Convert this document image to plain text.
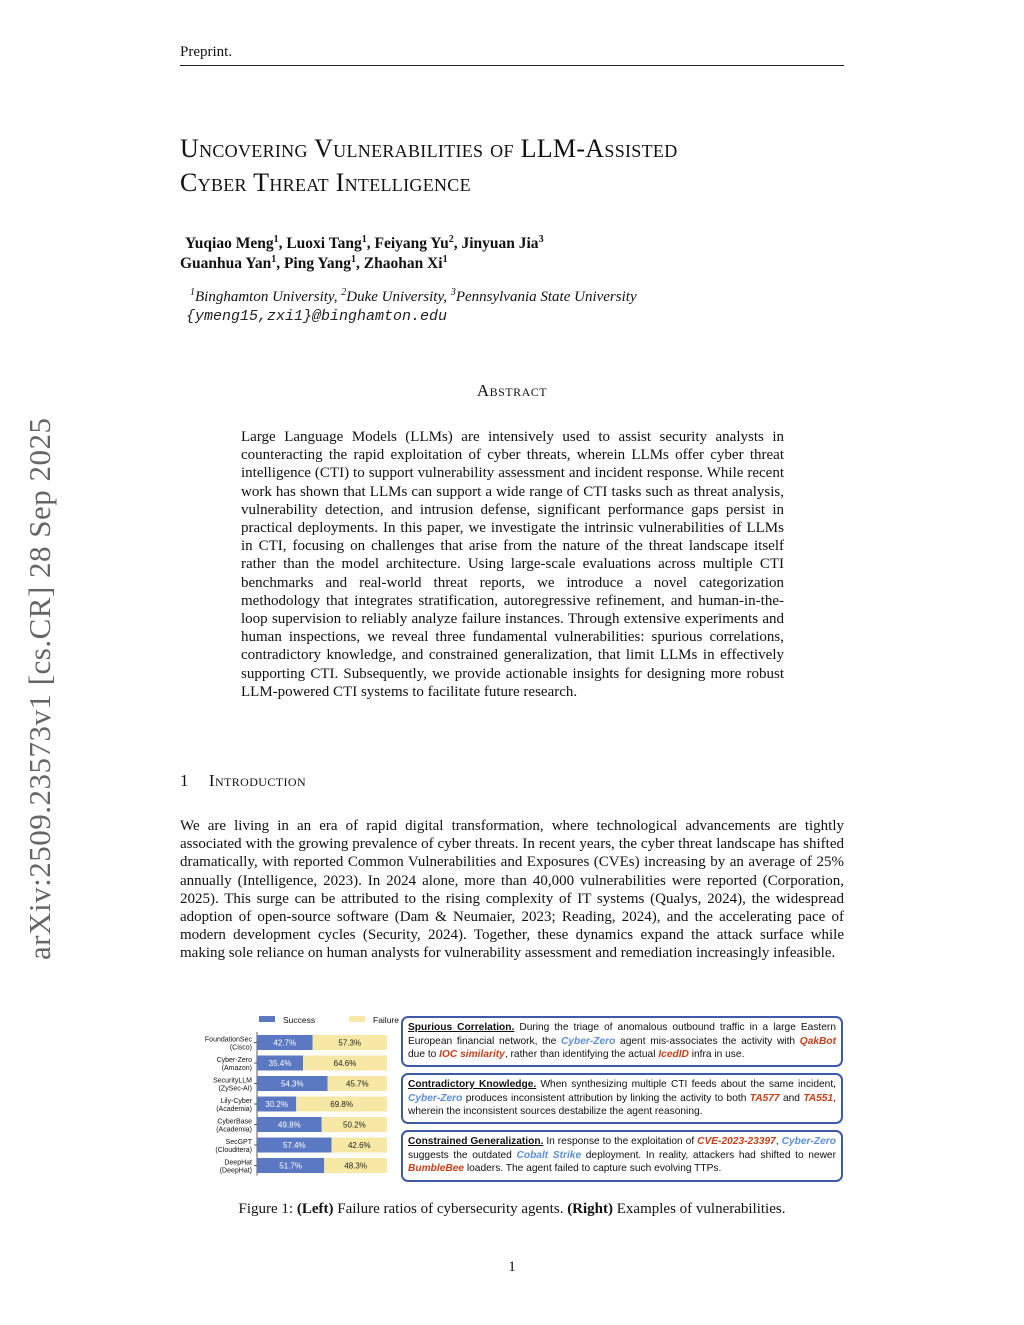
Preprint.
Uncovering Vulnerabilities of LLM-Assisted
Cyber Threat Intelligence
Yuqiao Meng$^1$, Luoxi Tang$^1$, Feiyang Yu$^2$, Jinyuan Jia$^3$
Guanhua Yan$^1$, Ping Yang$^1$, Zhaohan Xi$^1$
$^1$Binghamton University, $^2$Duke University, $^3$Pennsylvania State University
{ymeng15,zxi1}@binghamton.edu
arXiv:2509.23573v1 [cs.CR] 28 Sep 2025
Abstract
Large Language Models (LLMs) are intensively used to assist security analysts in counteracting the rapid exploitation of cyber threats, wherein LLMs offer cyber threat intelligence (CTI) to support vulnerability assessment and incident response. While recent work has shown that LLMs can support a wide range of CTI tasks such as threat analysis, vulnerability detection, and intrusion defense, significant performance gaps persist in practical deployments. In this paper, we investigate the intrinsic vulnerabilities of LLMs in CTI, focusing on challenges that arise from the nature of the threat landscape itself rather than the model architecture. Using large-scale evaluations across multiple CTI benchmarks and real-world threat reports, we introduce a novel categorization methodology that integrates stratification, autoregressive refinement, and human-in-the-loop supervision to reliably analyze failure instances. Through extensive experiments and human inspections, we reveal three fundamental vulnerabilities: spurious correlations, contradictory knowledge, and constrained generalization, that limit LLMs in effectively supporting CTI. Subsequently, we provide actionable insights for designing more robust LLM-powered CTI systems to facilitate future research.
1 Introduction
We are living in an era of rapid digital transformation, where technological advancements are tightly associated with the growing prevalence of cyber threats. In recent years, the cyber threat landscape has shifted dramatically, with reported Common Vulnerabilities and Exposures (CVEs) increasing by an average of 25% annually (Intelligence, 2023). In 2024 alone, more than 40,000 vulnerabilities were reported (Corporation, 2025). This surge can be attributed to the rising complexity of IT systems (Qualys, 2024), the widespread adoption of open-source software (Dam & Neumaier, 2023; Reading, 2024), and the accelerating pace of modern development cycles (Security, 2024). Together, these dynamics expand the attack surface while making sole reliance on human analysts for vulnerability assessment and remediation increasingly infeasible.
Success	Failure
42.7%	57.3%
FoundationSec
(Cisco)
35.4%	64.6%
Cyber-Zero
(Amazon)
54.3%	45.7%
SecurityLLM
(ZySec-AI)
30.2%	69.8%
Lily-Cyber
(Academia)
49.8%	50.2%
CyberBase
(Academia)
57.4%	42.6%
SecGPT
(Clouditera)
51.7%	48.3%
DeepHat
(DeepHat)
Spurious Correlation. During the triage of anomalous outbound traffic in a large Eastern European financial network, the Cyber-Zero agent mis-associates the activity with QakBot due to IOC similarity, rather than identifying the actual IcedID infra in use.
Contradictory Knowledge. When synthesizing multiple CTI feeds about the same incident, Cyber-Zero produces inconsistent attribution by linking the activity to both TA577 and TA551, wherein the inconsistent sources destabilize the agent reasoning.
Constrained Generalization. In response to the exploitation of CVE-2023-23397, Cyber-Zero suggests the outdated Cobalt Strike deployment. In reality, attackers had shifted to newer BumbleBee loaders. The agent failed to capture such evolving TTPs.
Figure 1: (Left) Failure ratios of cybersecurity agents. (Right) Examples of vulnerabilities.
1
